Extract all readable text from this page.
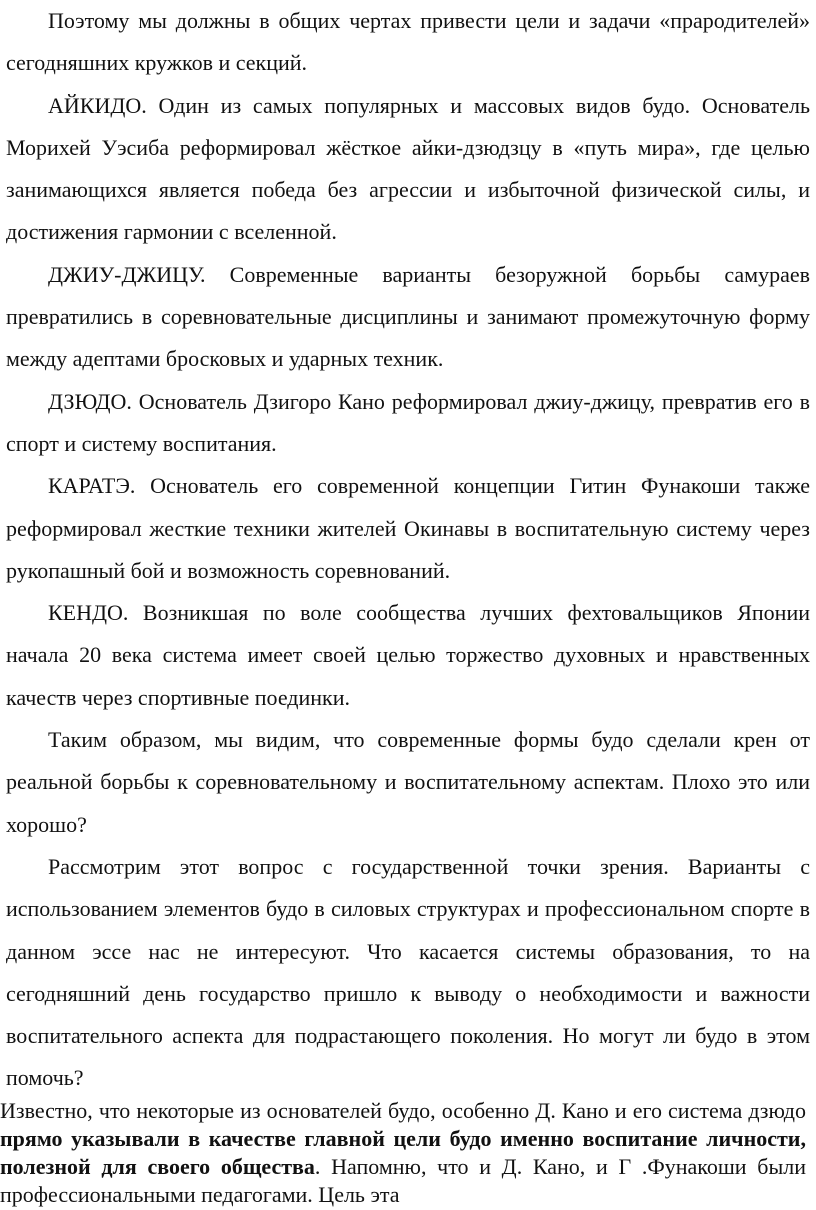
Поэтому мы должны в общих чертах привести цели и задачи «прародителей» сегодняшних кружков и секций.

АЙКИДО. Один из самых популярных и массовых видов будо. Основатель Морихей Уэсиба реформировал жёсткое айки-дзюдзцу в «путь мира», где целью занимающихся является победа без агрессии и избыточной физической силы, и достижения гармонии с вселенной.

ДЖИУ-ДЖИЦУ. Современные варианты безоружной борьбы самураев превратились в соревновательные дисциплины и занимают промежуточную форму между адептами бросковых и ударных техник.

ДЗЮДО. Основатель Дзигоро Кано реформировал джиу-джицу, превратив его в спорт и систему воспитания.

КАРАТЭ. Основатель его современной концепции Гитин Фунакоши также реформировал жесткие техники жителей Окинавы в воспитательную систему через рукопашный бой и возможность соревнований.

КЕНДО. Возникшая по воле сообщества лучших фехтовальщиков Японии начала 20 века система имеет своей целью торжество духовных и нравственных качеств через спортивные поединки.

Таким образом, мы видим, что современные формы будо сделали крен от реальной борьбы к соревновательному и воспитательному аспектам. Плохо это или хорошо?

Рассмотрим этот вопрос с государственной точки зрения. Варианты с использованием элементов будо в силовых структурах и профессиональном спорте в данном эссе нас не интересуют. Что касается системы образования, то на сегодняшний день государство пришло к выводу о необходимости и важности воспитательного аспекта для подрастающего поколения. Но могут ли будо в этом помочь?

Известно, что некоторые из основателей будо, особенно Д. Кано и его система дзюдо прямо указывали в качестве главной цели будо именно воспитание личности, полезной для своего общества. Напомню, что и Д. Кано, и Г .Фунакоши были профессиональными педагогами. Цель эта
